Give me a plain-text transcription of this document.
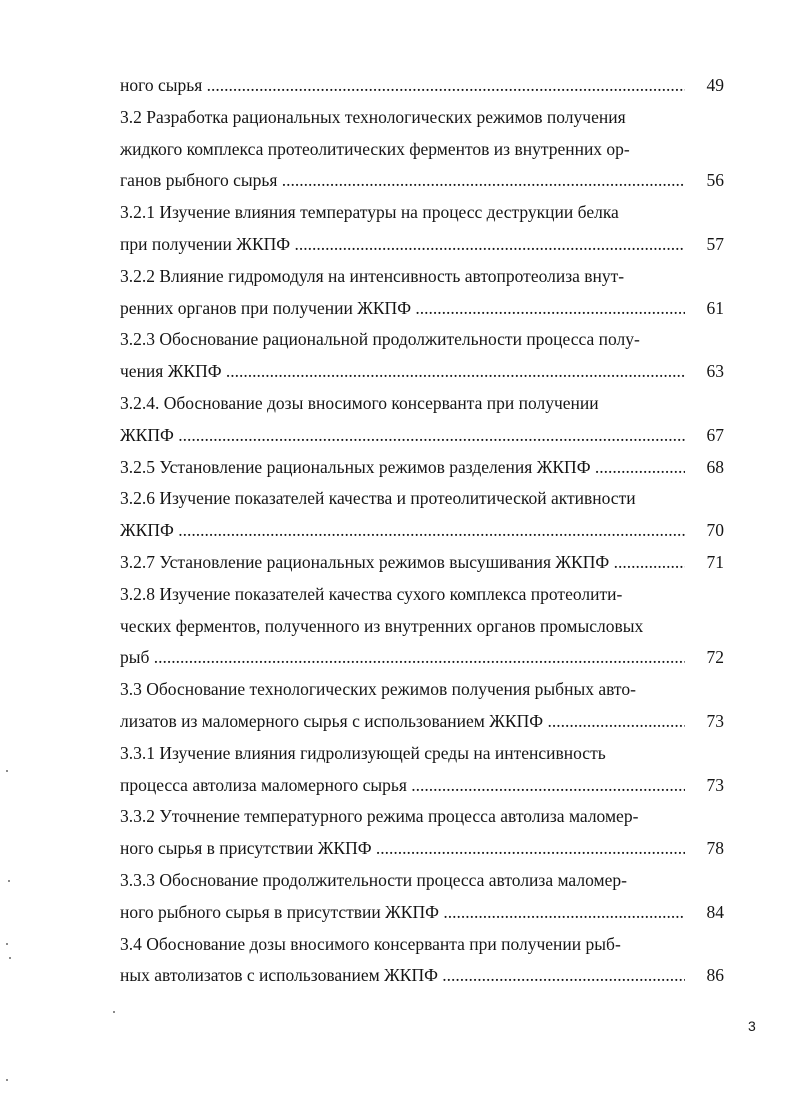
ного сырья .....	49
3.2 Разработка рациональных технологических режимов получения
жидкого комплекса протеолитических ферментов из внутренних ор-
ганов рыбного сырья .....	56
3.2.1 Изучение влияния температуры на процесс деструкции белка
при получении ЖКПФ .....	57
3.2.2 Влияние гидромодуля на интенсивность автопротеолиза внут-
ренних органов при получении ЖКПФ .....	61
3.2.3 Обоснование рациональной продолжительности процесса полу-
чения ЖКПФ .....	63
3.2.4. Обоснование дозы вносимого консерванта при получении
ЖКПФ .....	67
3.2.5 Установление рациональных режимов разделения ЖКПФ .....	68
3.2.6 Изучение показателей качества и протеолитической активности
ЖКПФ .....	70
3.2.7 Установление рациональных режимов высушивания ЖКПФ .....	71
3.2.8 Изучение показателей качества сухого комплекса протеолити-
ческих ферментов, полученного из внутренних органов промысловых
рыб .....	72
3.3 Обоснование технологических режимов получения рыбных авто-
лизатов из маломерного сырья с использованием ЖКПФ .....	73
3.3.1 Изучение влияния гидролизующей среды на интенсивность
процесса автолиза маломерного сырья .....	73
3.3.2 Уточнение температурного режима процесса автолиза маломер-
ного сырья в присутствии ЖКПФ .....	78
3.3.3 Обоснование продолжительности процесса автолиза маломер-
ного рыбного сырья в присутствии ЖКПФ .....	84
3.4 Обоснование дозы вносимого консерванта при получении рыб-
ных автолизатов с использованием ЖКПФ .....	86
3
